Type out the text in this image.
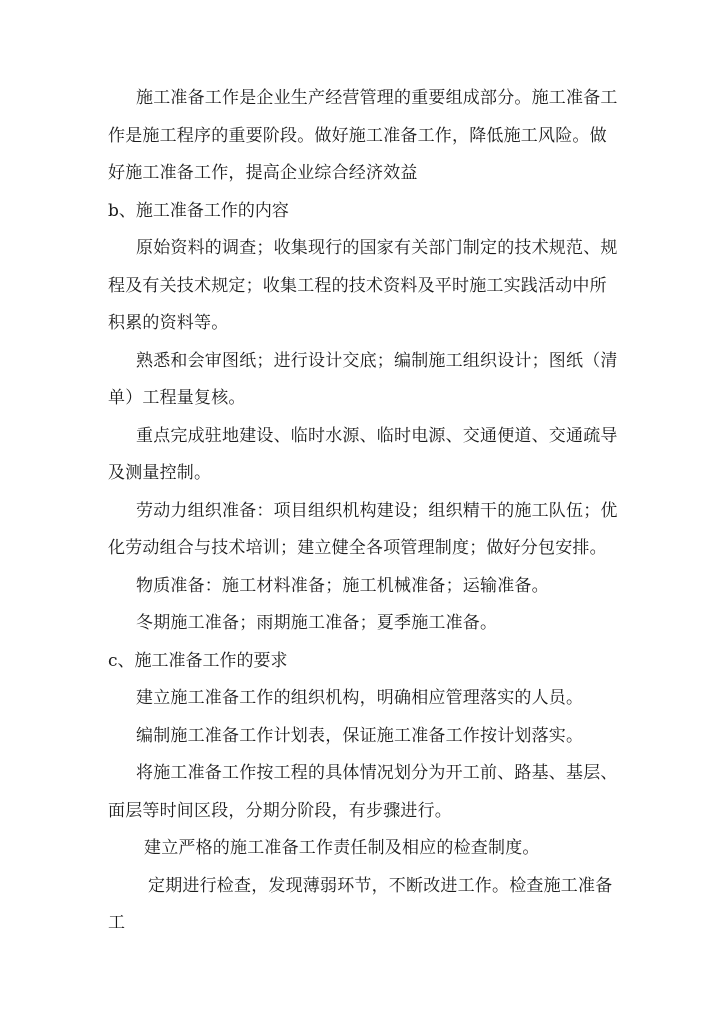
施工准备工作是企业生产经营管理的重要组成部分。施工准备工作是施工程序的重要阶段。做好施工准备工作，降低施工风险。做好施工准备工作，提高企业综合经济效益

b、施工准备工作的内容

原始资料的调查；收集现行的国家有关部门制定的技术规范、规程及有关技术规定；收集工程的技术资料及平时施工实践活动中所积累的资料等。

熟悉和会审图纸；进行设计交底；编制施工组织设计；图纸（清单）工程量复核。

重点完成驻地建设、临时水源、临时电源、交通便道、交通疏导及测量控制。

劳动力组织准备：项目组织机构建设；组织精干的施工队伍；优化劳动组合与技术培训；建立健全各项管理制度；做好分包安排。

物质准备：施工材料准备；施工机械准备；运输准备。

冬期施工准备；雨期施工准备；夏季施工准备。

c、施工准备工作的要求

建立施工准备工作的组织机构，明确相应管理落实的人员。

编制施工准备工作计划表，保证施工准备工作按计划落实。

将施工准备工作按工程的具体情况划分为开工前、路基、基层、面层等时间区段，分期分阶段，有步骤进行。

建立严格的施工准备工作责任制及相应的检查制度。

定期进行检查，发现薄弱环节，不断改进工作。检查施工准备工
